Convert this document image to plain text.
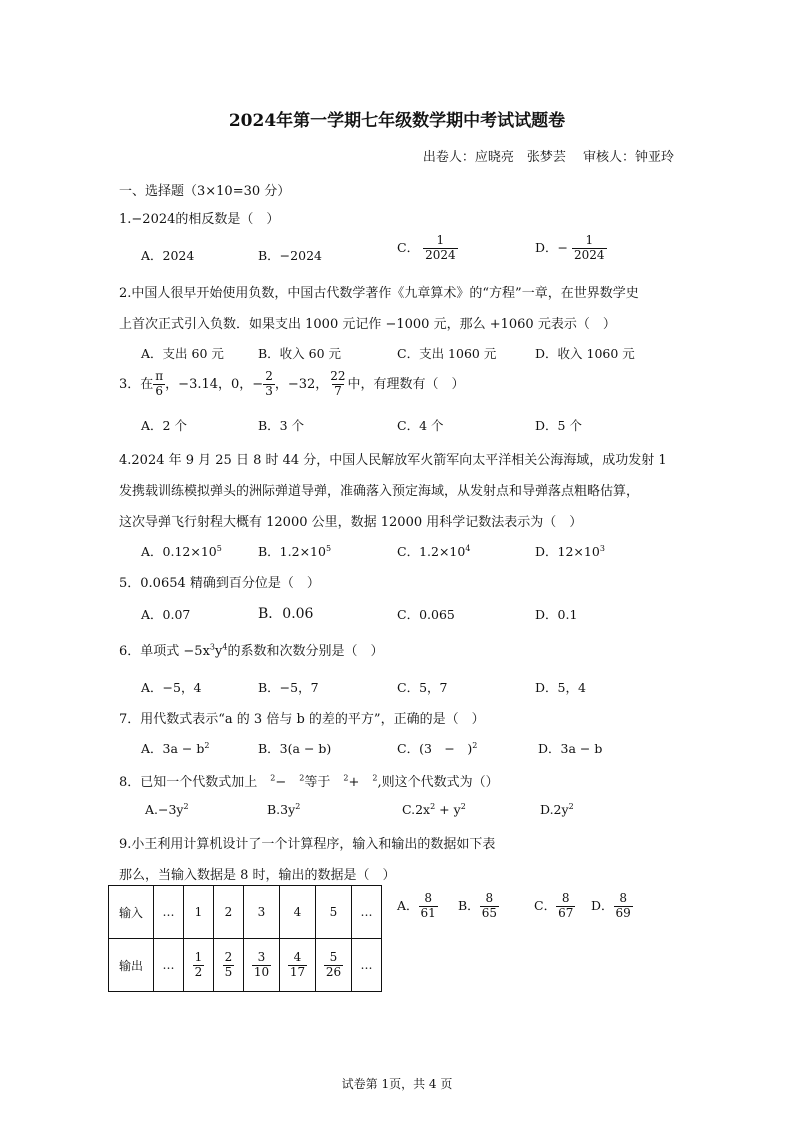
2024年第一学期七年级数学期中考试试题卷
出卷人：应晓亮　张梦芸　 审核人：钟亚玲
一、选择题（3×10=30 分）
1.−2024的相反数是（　）
A．2024	B．−2024
C． $\frac{1}{2024}$	D．− $\frac{1}{2024}$
2.中国人很早开始使用负数，中国古代数学著作《九章算术》的“方程”一章，在世界数学史
上首次正式引入负数．如果支出 1000 元记作 −1000 元，那么 +1060 元表示（　）
A．支出 60 元	B．收入 60 元	C．支出 1060 元	D．收入 1060 元
3．在 $\frac{\pi}{6}$ ，−3.14，0，− $\frac{2}{3}$ ，−32， $\frac{22}{7}$ 中，有理数有（　）
A．2 个	B．3 个	C．4 个	D．5 个
4.2024 年 9 月 25 日 8 时 44 分，中国人民解放军火箭军向太平洋相关公海海域，成功发射 1
发携载训练模拟弹头的洲际弹道导弹，准确落入预定海域，从发射点和导弹落点粗略估算，
这次导弹飞行射程大概有 12000 公里，数据 12000 用科学记数法表示为（　）
A．$0.12\times 10^5$	B．$1.2\times 10^5$	C．$1.2\times 10^4$	D．$12\times 10^3$
5．0.0654 精确到百分位是（　）
A．0.07	B．0.06	C．0.065	D．0.1
6．单项式 $-5x^3y^4$的系数和次数分别是（　）
A．−5，4	B．−5，7	C．5，7	D．5，4
7．用代数式表示“a 的 3 倍与 b 的差的平方”，正确的是（　）
A．$3a - b^2$	B．3(a − b)	C．(3　−　)$^2$	D．3a − b
8．已知一个代数式加上  $^2$−  $^2$等于  $^2$+  $^2$,则这个代数式为（）
$A.-3y^2$	$B.3y^2$	$C.2x^2 + y^2$	$D.2y^2$
9.小王利用计算机设计了一个计算程序，输入和输出的数据如下表
那么，当输入数据是 8 时，输出的数据是（　）
输入	…	1	2	3	4	5	…
输出	…	$\frac{1}{2}$	$\frac{2}{5}$	$\frac{3}{10}$	$\frac{4}{17}$	$\frac{5}{26}$	…
A． $\frac{8}{61}$ B． $\frac{8}{65}$	C． $\frac{8}{67}$ D． $\frac{8}{69}$
试卷第 1页，共 4 页
